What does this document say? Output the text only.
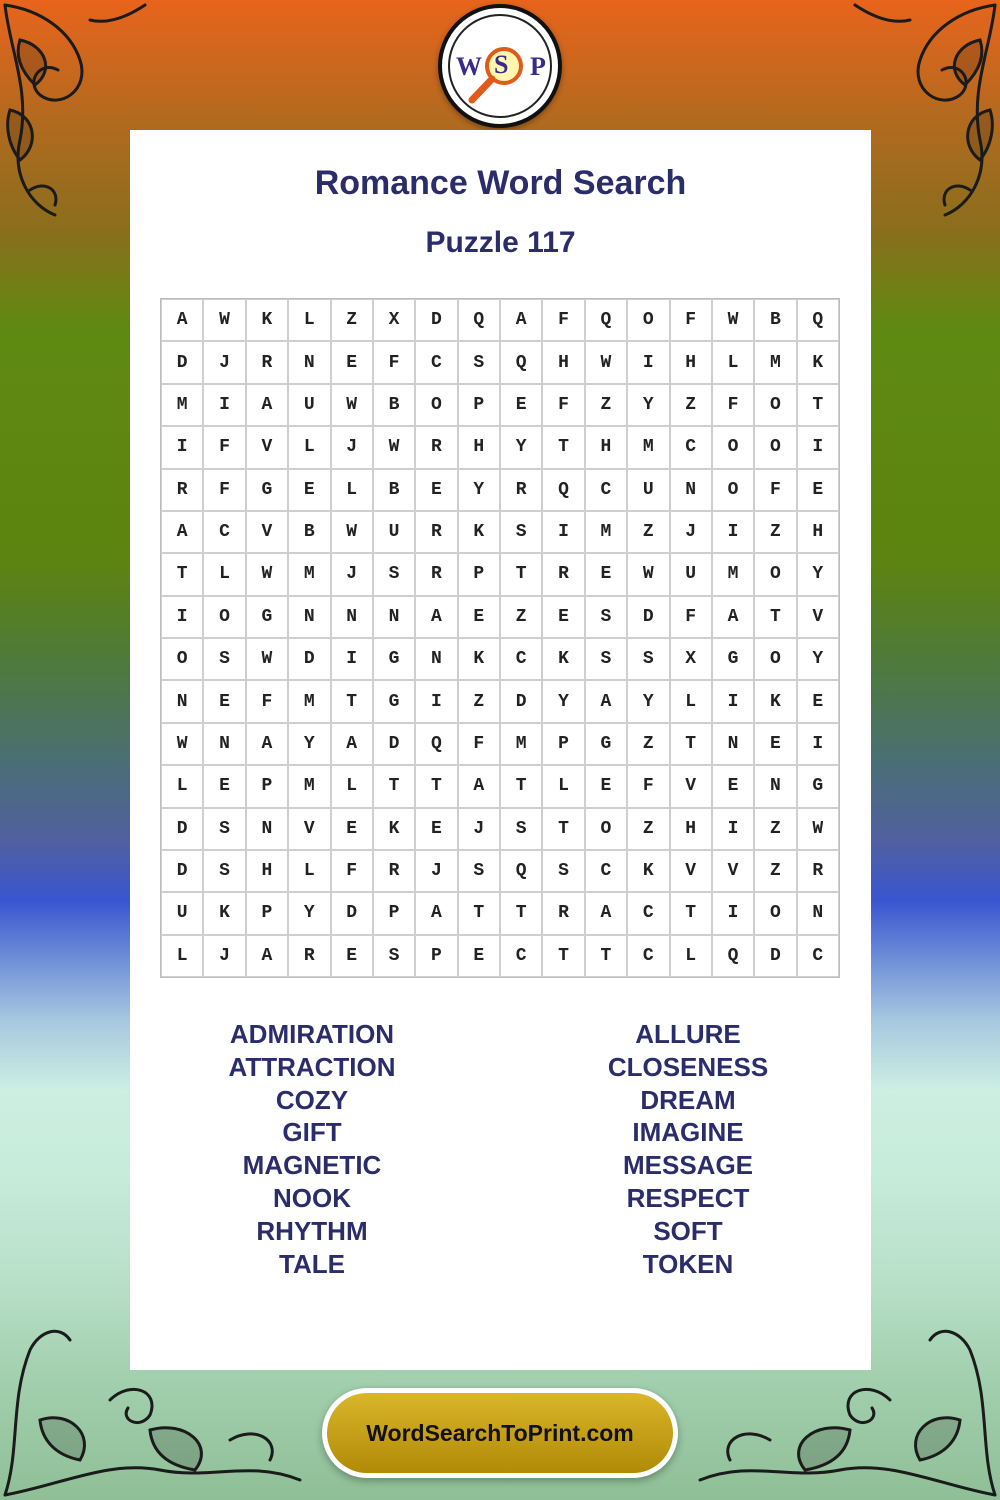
W S P
Romance Word Search
Puzzle 117
A	W	K	L	Z	X	D	Q	A	F	Q	O	F	W	B	Q
D	J	R	N	E	F	C	S	Q	H	W	I	H	L	M	K
M	I	A	U	W	B	O	P	E	F	Z	Y	Z	F	O	T
I	F	V	L	J	W	R	H	Y	T	H	M	C	O	O	I
R	F	G	E	L	B	E	Y	R	Q	C	U	N	O	F	E
A	C	V	B	W	U	R	K	S	I	M	Z	J	I	Z	H
T	L	W	M	J	S	R	P	T	R	E	W	U	M	O	Y
I	O	G	N	N	N	A	E	Z	E	S	D	F	A	T	V
O	S	W	D	I	G	N	K	C	K	S	S	X	G	O	Y
N	E	F	M	T	G	I	Z	D	Y	A	Y	L	I	K	E
W	N	A	Y	A	D	Q	F	M	P	G	Z	T	N	E	I
L	E	P	M	L	T	T	A	T	L	E	F	V	E	N	G
D	S	N	V	E	K	E	J	S	T	O	Z	H	I	Z	W
D	S	H	L	F	R	J	S	Q	S	C	K	V	V	Z	R
U	K	P	Y	D	P	A	T	T	R	A	C	T	I	O	N
L	J	A	R	E	S	P	E	C	T	T	C	L	Q	D	C
ADMIRATION
ATTRACTION
COZY
GIFT
MAGNETIC
NOOK
RHYTHM
TALE
ALLURE
CLOSENESS
DREAM
IMAGINE
MESSAGE
RESPECT
SOFT
TOKEN
WordSearchToPrint.com
